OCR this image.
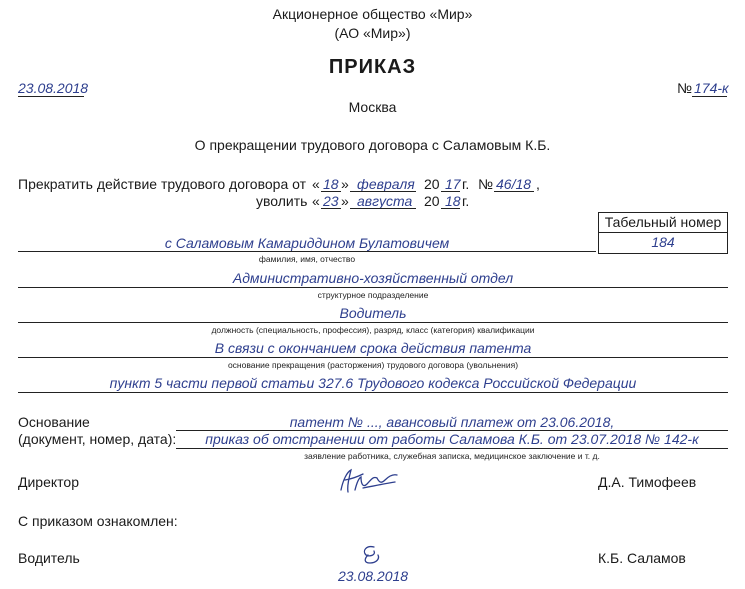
Акционерное общество «Мир»
(АО «Мир»)
ПРИКАЗ
23.08.2018	№ 174-к
Москва
О прекращении трудового договора с Саламовым К.Б.
Прекратить действие трудового договора от « 18 » февраля 20 17 г. № 46/18 ,
уволить « 23 » августа 20 18 г.
Табельный номер
184
с Саламовым Камариддином Булатовичем
фамилия, имя, отчество
Административно-хозяйственный отдел
структурное подразделение
Водитель
должность (специальность, профессия), разряд, класс (категория) квалификации
В связи с окончанием срока действия патента
основание прекращения (расторжения) трудового договора (увольнения)
пункт 5 части первой статьи 327.6 Трудового кодекса Российской Федерации
Основание
(документ, номер, дата):
патент № ..., авансовый платеж от 23.06.2018,
приказ об отстранении от работы Саламова К.Б. от 23.07.2018 № 142-к
заявление работника, служебная записка, медицинское заключение и т. д.
Директор	Д.А. Тимофеев
С приказом ознакомлен:
Водитель
23.08.2018
К.Б. Саламов
